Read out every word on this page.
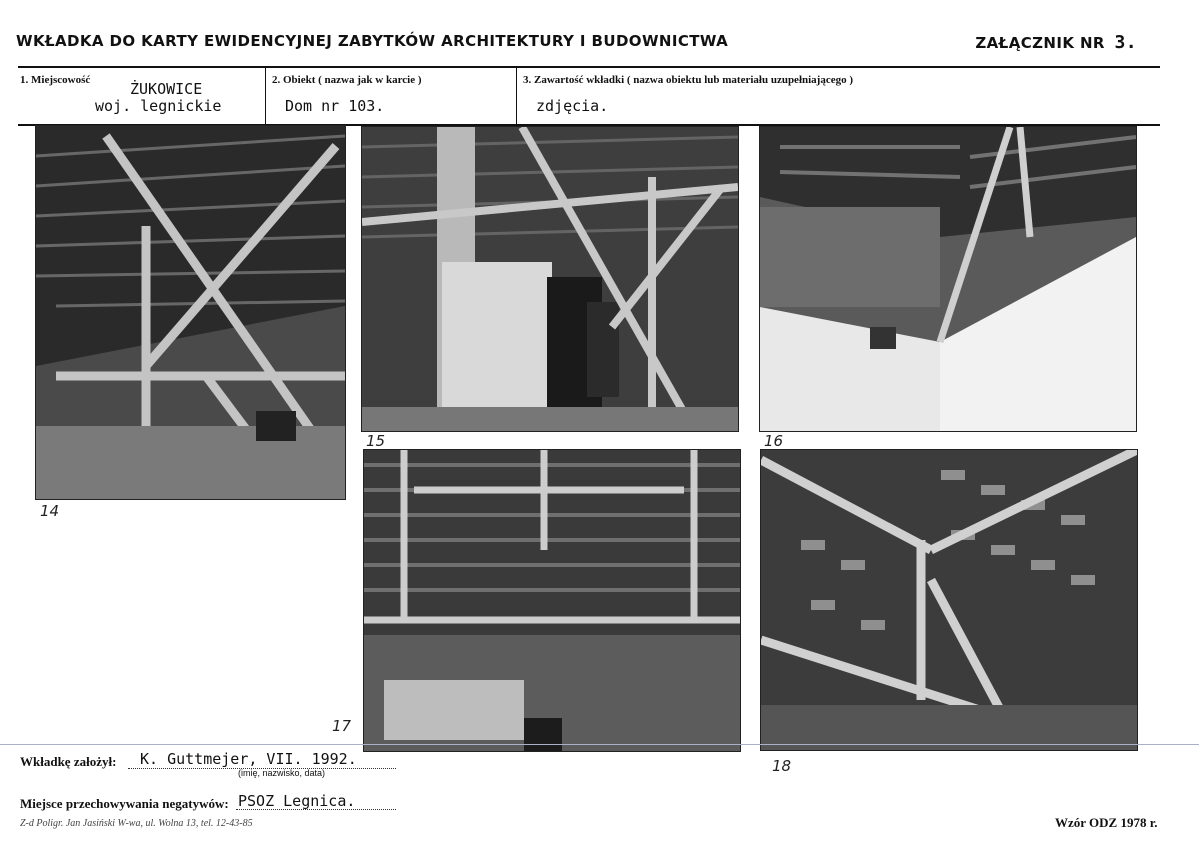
WKŁADKA DO KARTY EWIDENCYJNEJ ZABYTKÓW ARCHITEKTURY I BUDOWNICTWA	ZAŁĄCZNIK NR 3.
1. Miejscowość	ŻUKOWICE
woj. legnickie
2. Obiekt ( nazwa jak w karcie )
Dom nr 103.
3. Zawartość wkładki ( nazwa obiektu lub materiału uzupełniającego )
zdjęcia.
14
15	16
17
18
Wkładkę założył: K. Guttmejer, VII. 1992.
(imię, nazwisko, data)
Miejsce przechowywania negatywów: PSOZ Legnica.
Z-d Poligr. Jan Jasiński W-wa, ul. Wolna 13, tel. 12-43-85	Wzór ODZ 1978 r.
